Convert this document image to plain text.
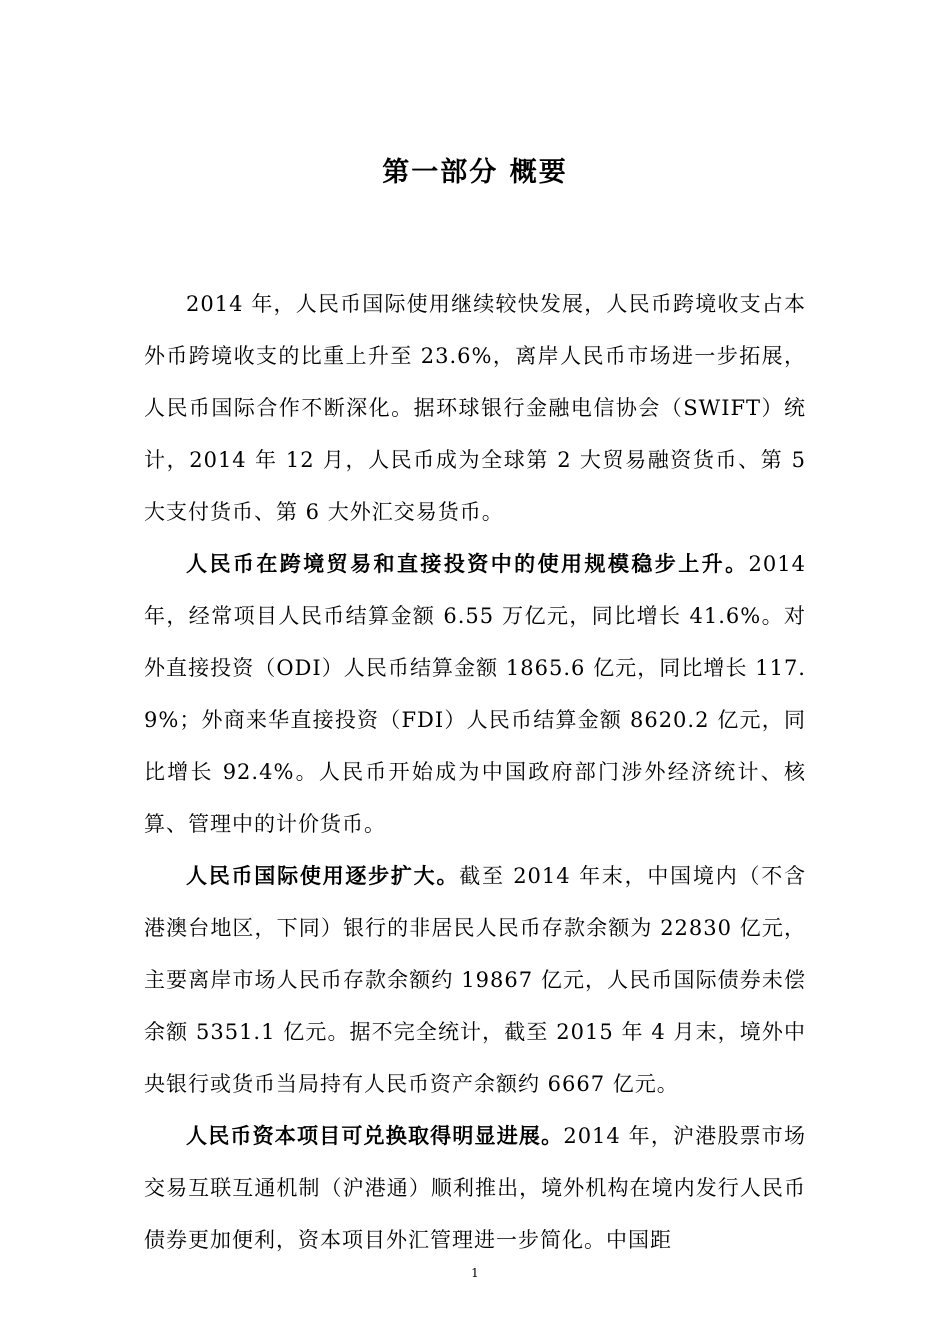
第一部分 概要

2014 年，人民币国际使用继续较快发展，人民币跨境收支占本外币跨境收支的比重上升至 23.6%，离岸人民币市场进一步拓展，人民币国际合作不断深化。据环球银行金融电信协会（SWIFT）统计，2014 年 12 月，人民币成为全球第 2 大贸易融资货币、第 5 大支付货币、第 6 大外汇交易货币。

人民币在跨境贸易和直接投资中的使用规模稳步上升。2014 年，经常项目人民币结算金额 6.55 万亿元，同比增长 41.6%。对外直接投资（ODI）人民币结算金额 1865.6 亿元，同比增长 117.9%；外商来华直接投资（FDI）人民币结算金额 8620.2 亿元，同比增长 92.4%。人民币开始成为中国政府部门涉外经济统计、核算、管理中的计价货币。

人民币国际使用逐步扩大。截至 2014 年末，中国境内（不含港澳台地区，下同）银行的非居民人民币存款余额为 22830 亿元，主要离岸市场人民币存款余额约 19867 亿元，人民币国际债券未偿余额 5351.1 亿元。据不完全统计，截至 2015 年 4 月末，境外中央银行或货币当局持有人民币资产余额约 6667 亿元。

人民币资本项目可兑换取得明显进展。2014 年，沪港股票市场交易互联互通机制（沪港通）顺利推出，境外机构在境内发行人民币债券更加便利，资本项目外汇管理进一步简化。中国距

1
